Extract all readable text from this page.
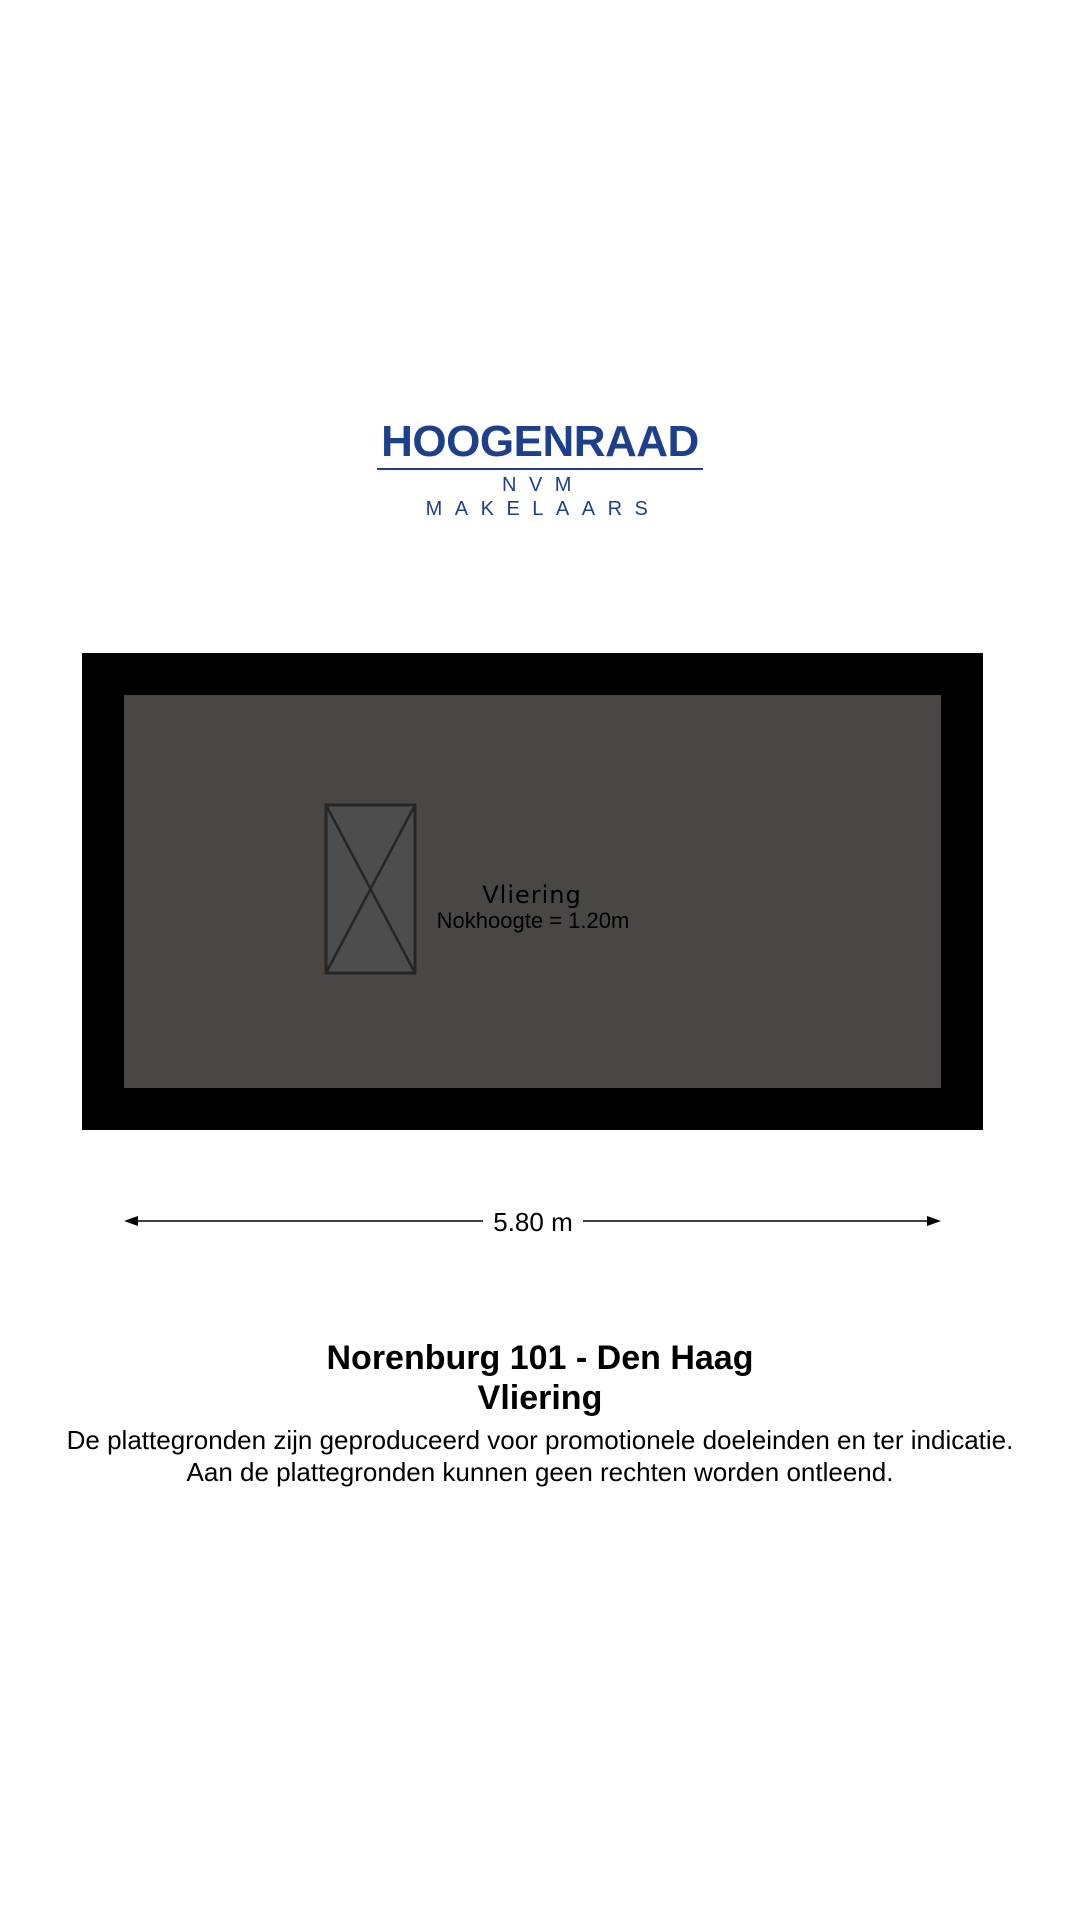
HOOGENRAAD
NVM MAKELAARS
Vliering
Nokhoogte = 1.20m
5.80 m

Norenburg 101 - Den Haag

Vliering

De plattegronden zijn geproduceerd voor promotionele doeleinden en ter indicatie.
Aan de plattegronden kunnen geen rechten worden ontleend.
